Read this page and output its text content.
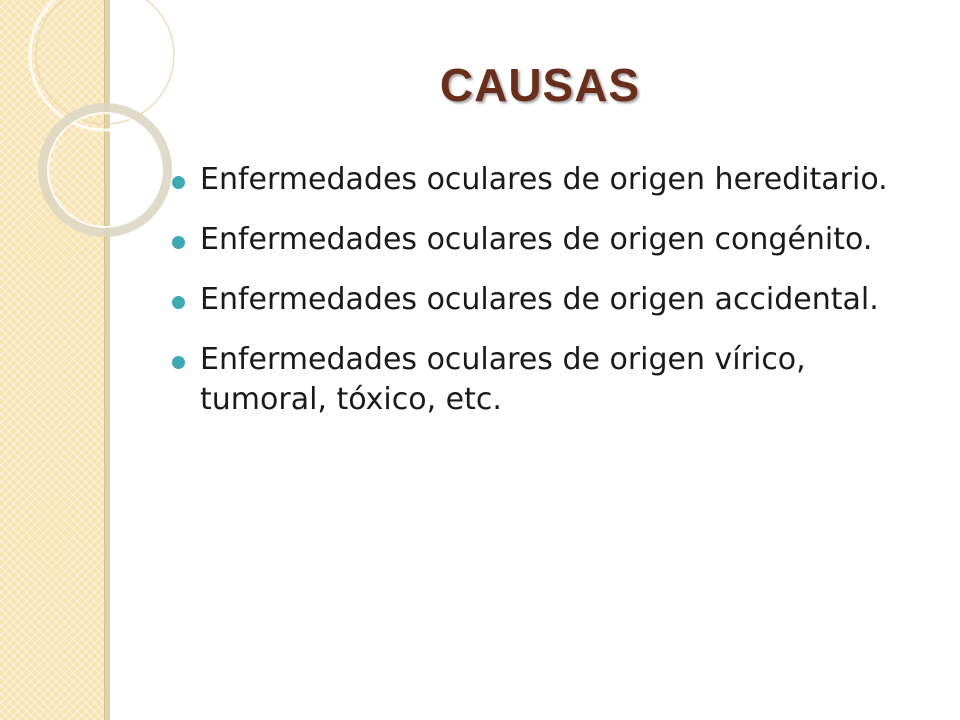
CAUSAS
Enfermedades oculares de origen hereditario.
Enfermedades oculares de origen congénito.
Enfermedades oculares de origen accidental.
Enfermedades oculares de origen vírico, tumoral, tóxico, etc.
